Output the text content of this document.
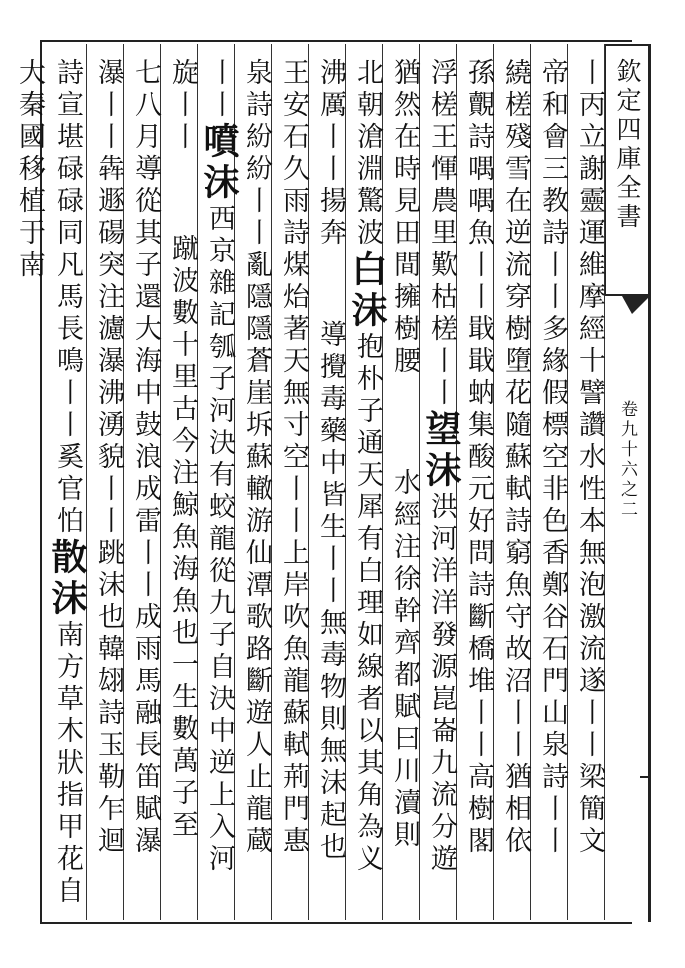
欽定四庫全書
卷九十六之二
丨丙立謝靈運維摩經十譬讚水性本無泡激流遂丨丨梁簡文
帝和會三教詩丨丨多緣假標空非色香鄭谷石門山泉詩丨丨
繞槎殘雪在逆流穿樹墮花隨蘇軾詩窮魚守故沼丨丨猶相依
孫覿詩喁喁魚丨丨戢戢蚋集酸元好問詩斷橋堆丨丨高樹閣
浮槎王惲農里歎枯槎丨丨望沫洪河洋洋發源崑崙九流分遊
猶然在時見田間擁樹腰水經注徐幹齊都賦曰川瀆則
北朝滄淵驚波白沫抱朴子通天犀有白理如線者以其角為义
沸厲丨丨揚奔導攪毒藥中皆生丨丨無毒物則無沫起也
王安石久雨詩煤炲著天無寸空丨丨上岸吹魚龍蘇軾荊門惠
泉詩紛紛丨丨亂隱隱蒼崖坼蘇轍游仙潭歌路斷遊人止龍蔵
丨丨噴沫西京雜記瓠子河決有蛟龍從九子自決中逆上入河
旋丨丨蹴波數十里古今注鯨魚海魚也一生數萬子至
七八月導從其子還大海中鼓浪成雷丨丨成雨馬融長笛賦瀑
瀑丨丨犇遯碭突注濾瀑沸湧貌丨丨跳沫也韓翃詩玉勒乍迴
詩宣堪碌碌同凡馬長鳴丨丨奚官怕散沫南方草木狀指甲花自大秦國移植于南
